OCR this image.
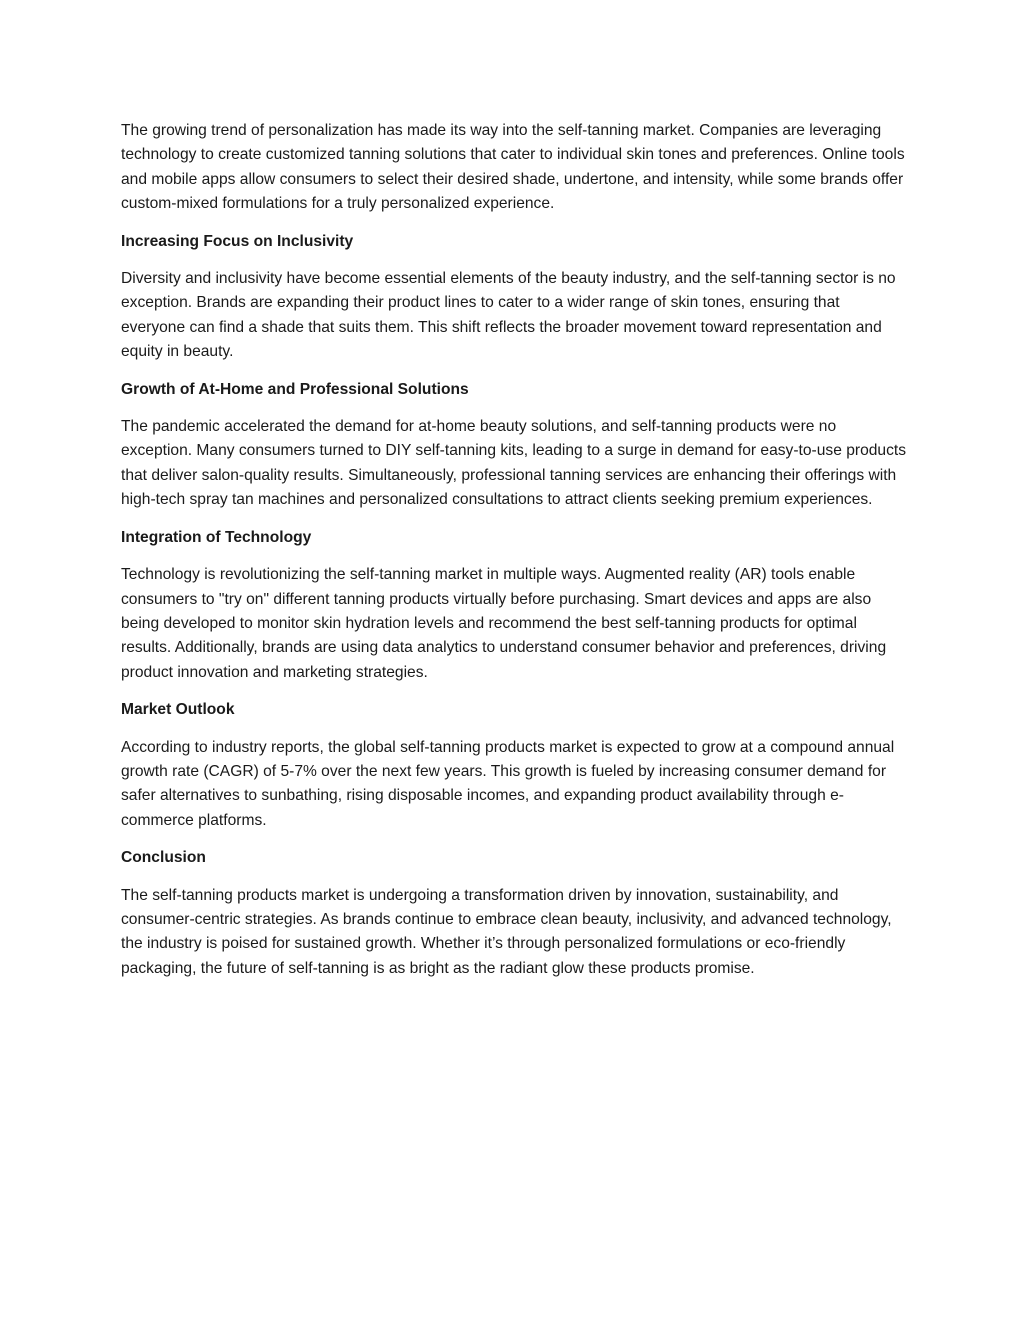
The growing trend of personalization has made its way into the self-tanning market. Companies are leveraging technology to create customized tanning solutions that cater to individual skin tones and preferences. Online tools and mobile apps allow consumers to select their desired shade, undertone, and intensity, while some brands offer custom-mixed formulations for a truly personalized experience.

Increasing Focus on Inclusivity

Diversity and inclusivity have become essential elements of the beauty industry, and the self-tanning sector is no exception. Brands are expanding their product lines to cater to a wider range of skin tones, ensuring that everyone can find a shade that suits them. This shift reflects the broader movement toward representation and equity in beauty.

Growth of At-Home and Professional Solutions

The pandemic accelerated the demand for at-home beauty solutions, and self-tanning products were no exception. Many consumers turned to DIY self-tanning kits, leading to a surge in demand for easy-to-use products that deliver salon-quality results. Simultaneously, professional tanning services are enhancing their offerings with high-tech spray tan machines and personalized consultations to attract clients seeking premium experiences.

Integration of Technology

Technology is revolutionizing the self-tanning market in multiple ways. Augmented reality (AR) tools enable consumers to "try on" different tanning products virtually before purchasing. Smart devices and apps are also being developed to monitor skin hydration levels and recommend the best self-tanning products for optimal results. Additionally, brands are using data analytics to understand consumer behavior and preferences, driving product innovation and marketing strategies.

Market Outlook

According to industry reports, the global self-tanning products market is expected to grow at a compound annual growth rate (CAGR) of 5-7% over the next few years. This growth is fueled by increasing consumer demand for safer alternatives to sunbathing, rising disposable incomes, and expanding product availability through e-commerce platforms.

Conclusion

The self-tanning products market is undergoing a transformation driven by innovation, sustainability, and consumer-centric strategies. As brands continue to embrace clean beauty, inclusivity, and advanced technology, the industry is poised for sustained growth. Whether it’s through personalized formulations or eco-friendly packaging, the future of self-tanning is as bright as the radiant glow these products promise.
